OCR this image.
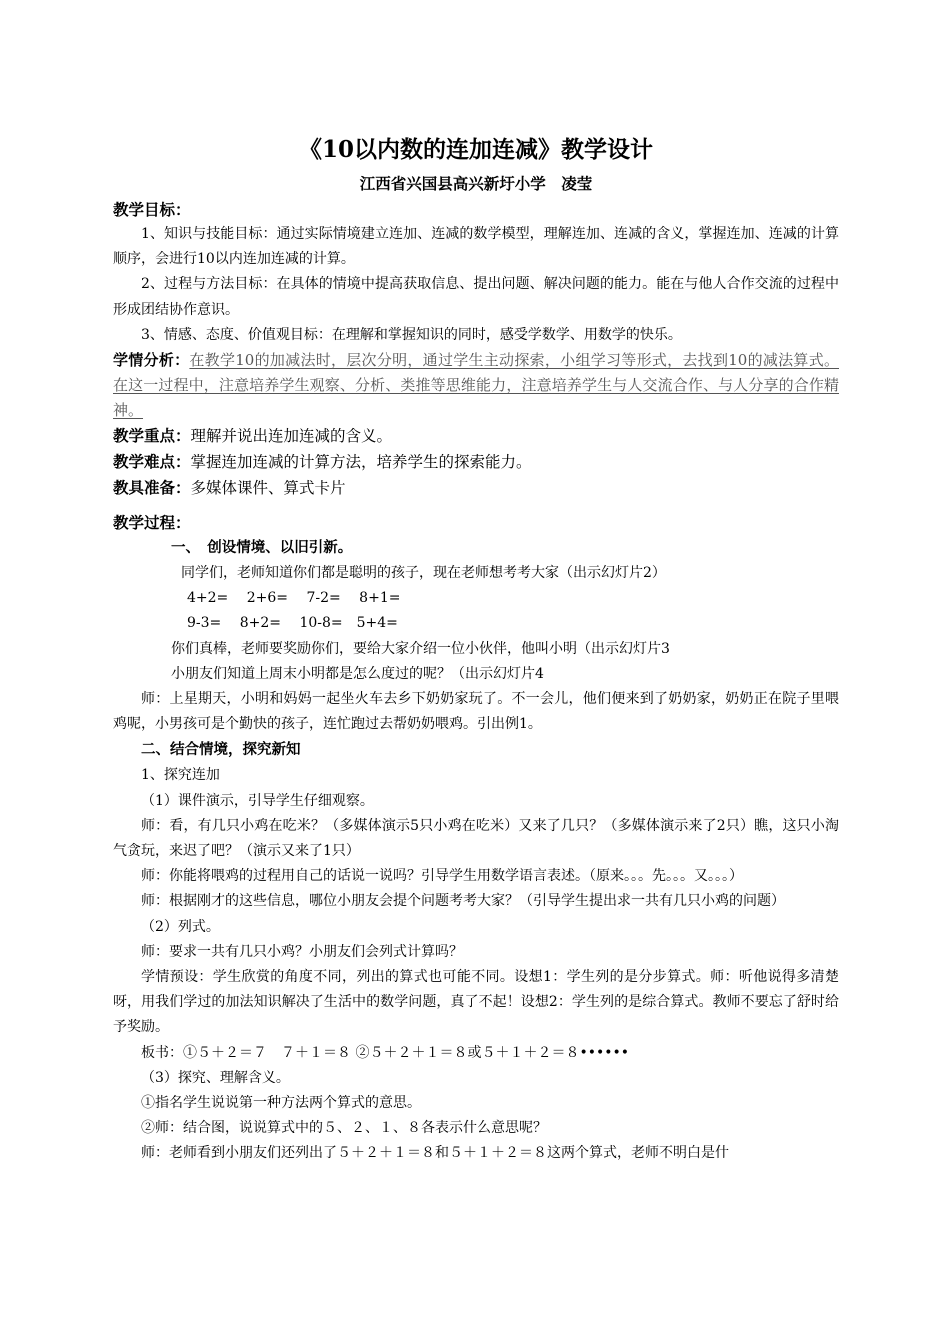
《10以内数的连加连减》教学设计

江西省兴国县高兴新圩小学　凌莹

教学目标：

1、知识与技能目标：通过实际情境建立连加、连减的数学模型，理解连加、连减的含义，掌握连加、连减的计算顺序，会进行10以内连加连减的计算。

2、过程与方法目标：在具体的情境中提高获取信息、提出问题、解决问题的能力。能在与他人合作交流的过程中形成团结协作意识。

3、情感、态度、价值观目标：在理解和掌握知识的同时，感受学数学、用数学的快乐。

学情分析：在教学10的加减法时，层次分明，通过学生主动探索，小组学习等形式，去找到10的减法算式。在这一过程中，注意培养学生观察、分析、类推等思维能力，注意培养学生与人交流合作、与人分享的合作精神。

教学重点：理解并说出连加连减的含义。

教学难点：掌握连加连减的计算方法，培养学生的探索能力。

教具准备：多媒体课件、算式卡片

教学过程：

一、　创设情境、以旧引新。

同学们，老师知道你们都是聪明的孩子，现在老师想考考大家（出示幻灯片2）

4+2=　 2+6=　 7-2=　 8+1=

9-3=　 8+2=　 10-8=　5+4=

你们真棒，老师要奖励你们，要给大家介绍一位小伙伴，他叫小明（出示幻灯片3

小朋友们知道上周末小明都是怎么度过的呢？（出示幻灯片4

师：上星期天，小明和妈妈一起坐火车去乡下奶奶家玩了。不一会儿，他们便来到了奶奶家，奶奶正在院子里喂鸡呢，小男孩可是个勤快的孩子，连忙跑过去帮奶奶喂鸡。引出例1。

二、结合情境，探究新知

1、探究连加

（1）课件演示，引导学生仔细观察。

师：看，有几只小鸡在吃米？（多媒体演示5只小鸡在吃米）又来了几只？（多媒体演示来了2只）瞧，这只小淘气贪玩，来迟了吧？（演示又来了1只）

师：你能将喂鸡的过程用自己的话说一说吗？引导学生用数学语言表述。（原来。。。先。。。又。。。）

师：根据刚才的这些信息，哪位小朋友会提个问题考考大家？（引导学生提出求一共有几只小鸡的问题）

（2）列式。

师：要求一共有几只小鸡？小朋友们会列式计算吗？

学情预设：学生欣赏的角度不同，列出的算式也可能不同。设想1：学生列的是分步算式。师：听他说得多清楚呀，用我们学过的加法知识解决了生活中的数学问题，真了不起！设想2：学生列的是综合算式。教师不要忘了舒时给予奖励。

板书：①５＋２＝７　７＋１＝８ ②５＋２＋１＝８或５＋１＋２＝８••••••

（3）探究、理解含义。

①指名学生说说第一种方法两个算式的意思。

②师：结合图，说说算式中的５、２、１、８各表示什么意思呢？

师：老师看到小朋友们还列出了５＋２＋１＝８和５＋１＋２＝８这两个算式，老师不明白是什
